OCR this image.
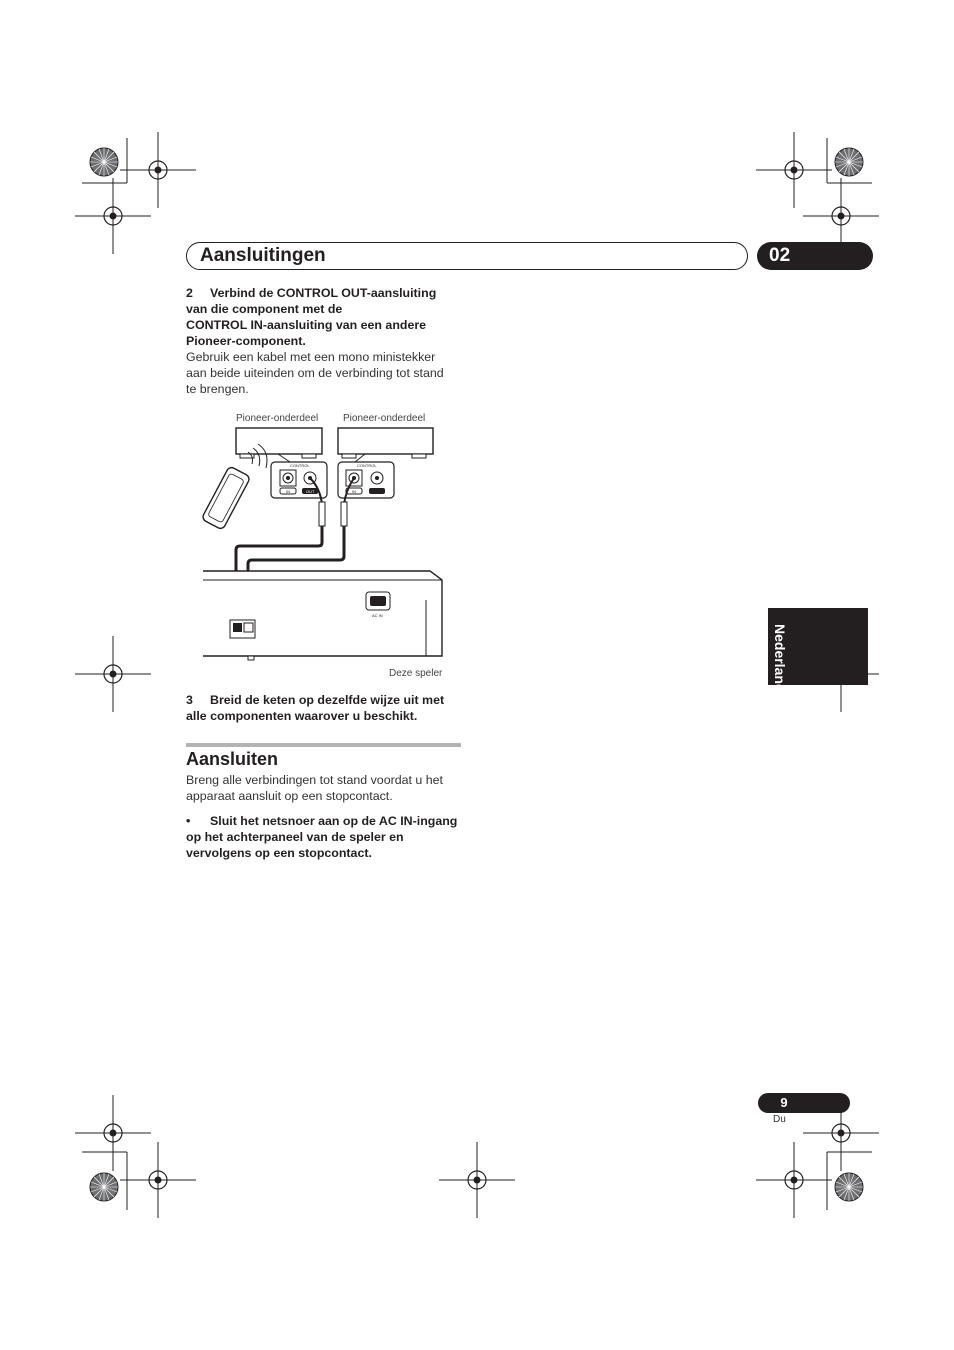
Aansluitingen	02
2 Verbind de CONTROL OUT-aansluiting
van die component met de
CONTROL IN-aansluiting van een andere
Pioneer-component.
Gebruik een kabel met een mono ministekker
aan beide uiteinden om de verbinding tot stand
te brengen.
Pioneer-onderdeel Pioneer-onderdeel
CONTROL
IN	OUT
CONTROL
IN	OUT
AC IN
Deze speler
3 Breid de keten op dezelfde wijze uit met
alle componenten waarover u beschikt.
Aansluiten
Breng alle verbindingen tot stand voordat u het
apparaat aansluit op een stopcontact.
• Sluit het netsnoer aan op de AC IN-ingang
op het achterpaneel van de speler en
vervolgens op een stopcontact.
Nederlands
9
Du
